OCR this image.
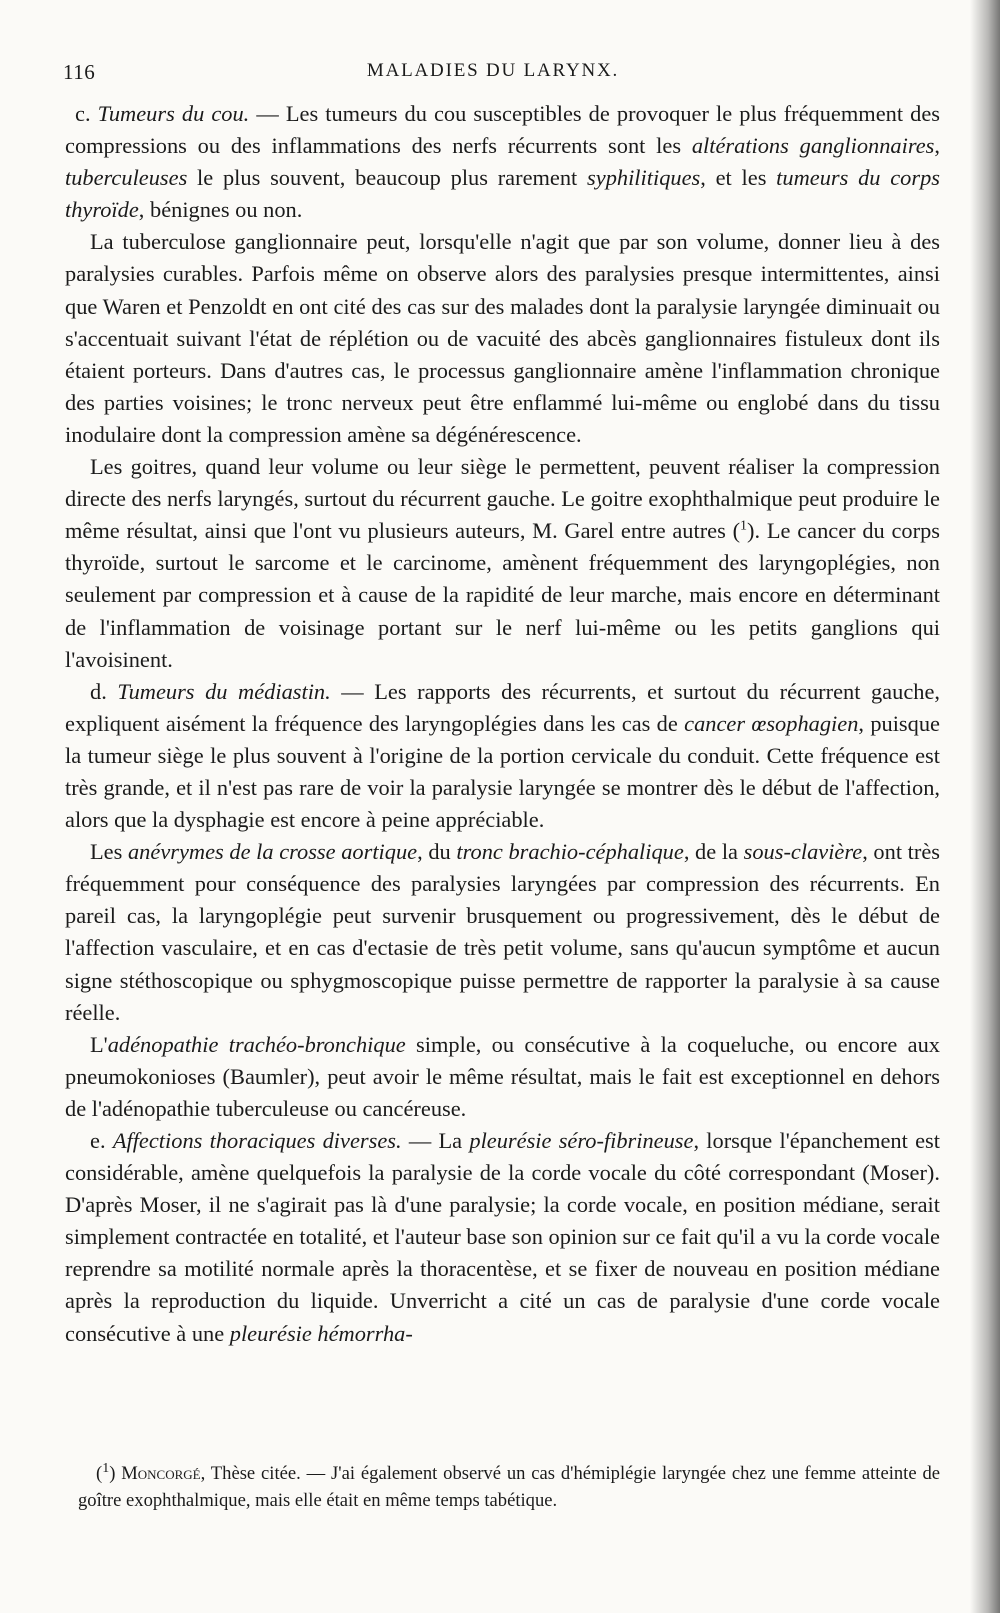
116	MALADIES DU LARYNX.

c. Tumeurs du cou. — Les tumeurs du cou susceptibles de provoquer le plus fréquemment des compressions ou des inflammations des nerfs récurrents sont les altérations ganglionnaires, tuberculeuses le plus souvent, beaucoup plus rarement syphilitiques, et les tumeurs du corps thyroïde, bénignes ou non.

La tuberculose ganglionnaire peut, lorsqu'elle n'agit que par son volume, donner lieu à des paralysies curables. Parfois même on observe alors des paralysies presque intermittentes, ainsi que Waren et Penzoldt en ont cité des cas sur des malades dont la paralysie laryngée diminuait ou s'accentuait suivant l'état de réplétion ou de vacuité des abcès ganglionnaires fistuleux dont ils étaient porteurs. Dans d'autres cas, le processus ganglionnaire amène l'inflammation chronique des parties voisines; le tronc nerveux peut être enflammé lui-même ou englobé dans du tissu inodulaire dont la compression amène sa dégénérescence.

Les goitres, quand leur volume ou leur siège le permettent, peuvent réaliser la compression directe des nerfs laryngés, surtout du récurrent gauche. Le goitre exophthalmique peut produire le même résultat, ainsi que l'ont vu plusieurs auteurs, M. Garel entre autres ($^1$). Le cancer du corps thyroïde, surtout le sarcome et le carcinome, amènent fréquemment des laryngoplégies, non seulement par compression et à cause de la rapidité de leur marche, mais encore en déterminant de l'inflammation de voisinage portant sur le nerf lui-même ou les petits ganglions qui l'avoisinent.

d. Tumeurs du médiastin. — Les rapports des récurrents, et surtout du récurrent gauche, expliquent aisément la fréquence des laryngoplégies dans les cas de cancer œsophagien, puisque la tumeur siège le plus souvent à l'origine de la portion cervicale du conduit. Cette fréquence est très grande, et il n'est pas rare de voir la paralysie laryngée se montrer dès le début de l'affection, alors que la dysphagie est encore à peine appréciable.

Les anévrymes de la crosse aortique, du tronc brachio-céphalique, de la sous-clavière, ont très fréquemment pour conséquence des paralysies laryngées par compression des récurrents. En pareil cas, la laryngoplégie peut survenir brusquement ou progressivement, dès le début de l'affection vasculaire, et en cas d'ectasie de très petit volume, sans qu'aucun symptôme et aucun signe stéthoscopique ou sphygmoscopique puisse permettre de rapporter la paralysie à sa cause réelle.

L'adénopathie trachéo-bronchique simple, ou consécutive à la coqueluche, ou encore aux pneumokonioses (Baumler), peut avoir le même résultat, mais le fait est exceptionnel en dehors de l'adénopathie tuberculeuse ou cancéreuse.

e. Affections thoraciques diverses. — La pleurésie séro-fibrineuse, lorsque l'épanchement est considérable, amène quelquefois la paralysie de la corde vocale du côté correspondant (Moser). D'après Moser, il ne s'agirait pas là d'une paralysie; la corde vocale, en position médiane, serait simplement contractée en totalité, et l'auteur base son opinion sur ce fait qu'il a vu la corde vocale reprendre sa motilité normale après la thoracentèse, et se fixer de nouveau en position médiane après la reproduction du liquide. Unverricht a cité un cas de paralysie d'une corde vocale consécutive à une pleurésie hémorrha-

($^1$) Moncorgé, Thèse citée. — J'ai également observé un cas d'hémiplégie laryngée chez une femme atteinte de goître exophthalmique, mais elle était en même temps tabétique.
